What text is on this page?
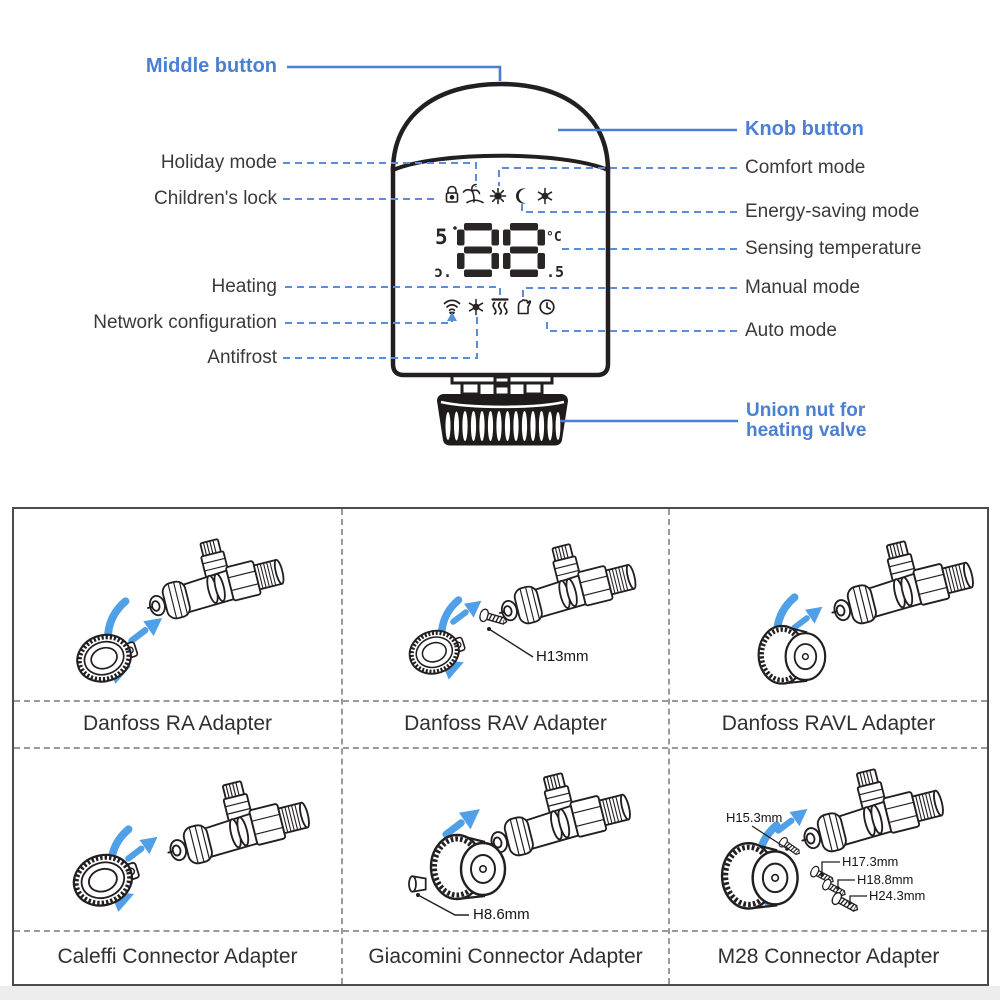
5
ɔ.
°C
.5
Middle button
Holiday mode
Children's lock
Heating
Network configuration
Antifrost
Knob button
Comfort mode
Energy-saving mode
Sensing temperature
Manual mode
Auto mode
Union nut for
heating valve
Danfoss RA Adapter
H13mm
Danfoss RAV Adapter	Danfoss RAVL Adapter
Caleffi Connector Adapter
H8.6mm
Giacomini Connector Adapter
H15.3mm
H17.3mm
H18.8mm
H24.3mm
M28 Connector Adapter
